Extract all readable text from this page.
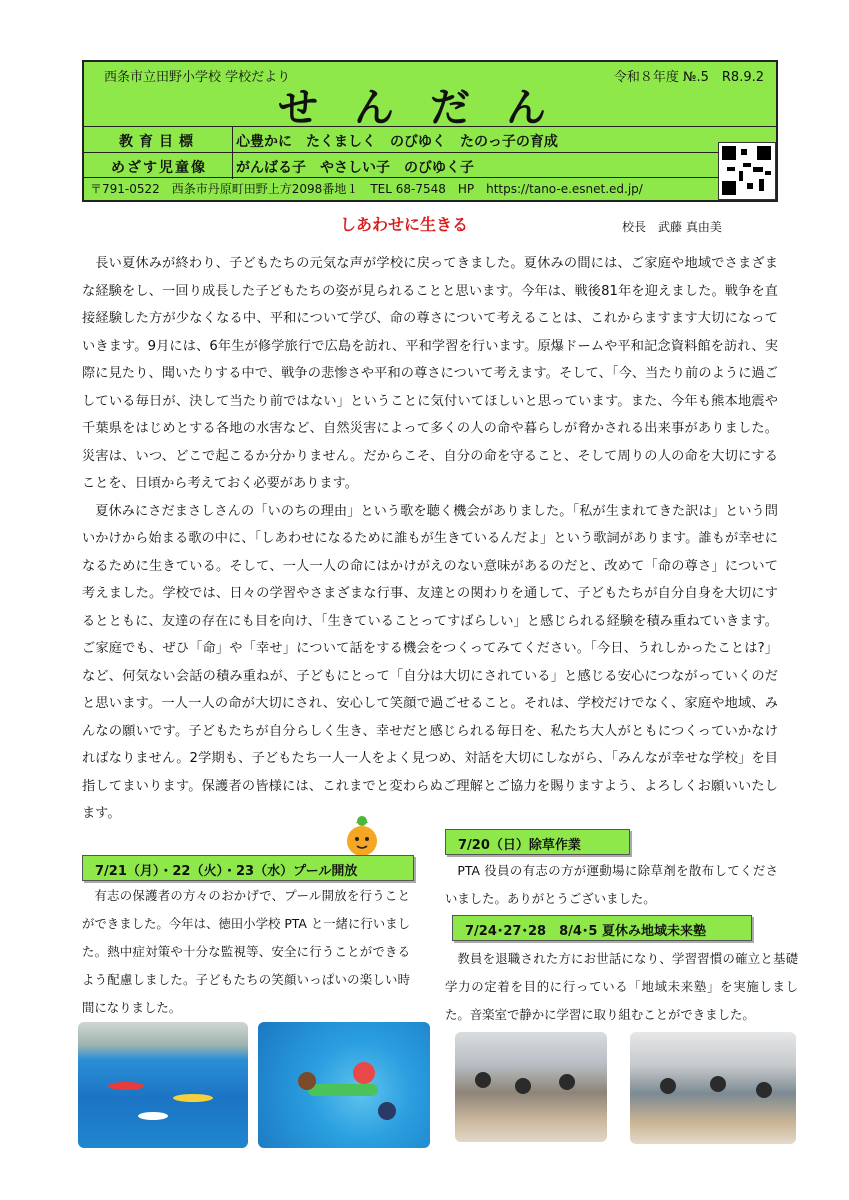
西条市立田野小学校 学校だより	令和８年度 №.5　R8.9.2
せんだん
教育目標	心豊かに　たくましく　のびゆく　たのっ子の育成
めざす児童像	がんばる子　やさしい子　のびゆく子
〒791-0522　西条市丹原町田野上方2098番地１　TEL 68-7548　HP　https://tano-e.esnet.ed.jp/
しあわせに生きる	校長　武藤 真由美

長い夏休みが終わり、子どもたちの元気な声が学校に戻ってきました。夏休みの間には、ご家庭や地域でさまざまな経験をし、一回り成長した子どもたちの姿が見られることと思います。今年は、戦後81年を迎えました。戦争を直接経験した方が少なくなる中、平和について学び、命の尊さについて考えることは、これからますます大切になっていきます。9月には、6年生が修学旅行で広島を訪れ、平和学習を行います。原爆ドームや平和記念資料館を訪れ、実際に見たり、聞いたりする中で、戦争の悲惨さや平和の尊さについて考えます。そして、「今、当たり前のように過ごしている毎日が、決して当たり前ではない」ということに気付いてほしいと思っています。また、今年も熊本地震や千葉県をはじめとする各地の水害など、自然災害によって多くの人の命や暮らしが脅かされる出来事がありました。災害は、いつ、どこで起こるか分かりません。だからこそ、自分の命を守ること、そして周りの人の命を大切にすることを、日頃から考えておく必要があります。

夏休みにさだまさしさんの「いのちの理由」という歌を聴く機会がありました。「私が生まれてきた訳は」という問いかけから始まる歌の中に、「しあわせになるために誰もが生きているんだよ」という歌詞があります。誰もが幸せになるために生きている。そして、一人一人の命にはかけがえのない意味があるのだと、改めて「命の尊さ」について考えました。学校では、日々の学習やさまざまな行事、友達との関わりを通して、子どもたちが自分自身を大切にするとともに、友達の存在にも目を向け、「生きていることってすばらしい」と感じられる経験を積み重ねていきます。ご家庭でも、ぜひ「命」や「幸せ」について話をする機会をつくってみてください。「今日、うれしかったことは?」など、何気ない会話の積み重ねが、子どもにとって「自分は大切にされている」と感じる安心につながっていくのだと思います。一人一人の命が大切にされ、安心して笑顔で過ごせること。それは、学校だけでなく、家庭や地域、みんなの願いです。子どもたちが自分らしく生き、幸せだと感じられる毎日を、私たち大人がともにつくっていかなければなりません。2学期も、子どもたち一人一人をよく見つめ、対話を大切にしながら、「みんなが幸せな学校」を目指してまいります。保護者の皆様には、これまでと変わらぬご理解とご協力を賜りますよう、よろしくお願いいたします。

7/21（月）・22（火）・23（水）プール開放
有志の保護者の方々のおかげで、プール開放を行うことができました。今年は、徳田小学校 PTA と一緒に行いました。熱中症対策や十分な監視等、安全に行うことができるよう配慮しました。子どもたちの笑顔いっぱいの楽しい時間になりました。
7/20（日）除草作業
PTA 役員の有志の方が運動場に除草剤を散布してくださいました。ありがとうございました。
7/24･27･28　8/4･5 夏休み地域未来塾
教員を退職された方にお世話になり、学習習慣の確立と基礎学力の定着を目的に行っている「地域未来塾」を実施しました。音楽室で静かに学習に取り組むことができました。
